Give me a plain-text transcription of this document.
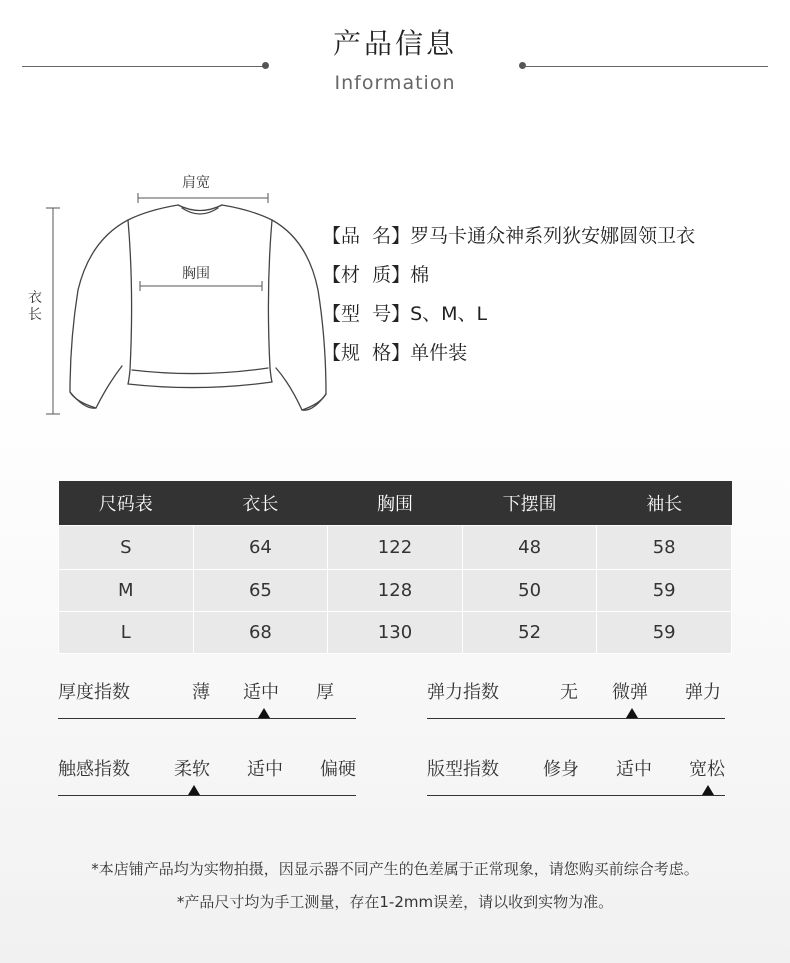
产品信息
Information
肩宽
胸围
衣长
【品  名】罗马卡通众神系列狄安娜圆领卫衣
【材  质】棉
【型  号】S、M、L
【规  格】单件装
尺码表	衣长	胸围	下摆围	袖长
S	64	122	48	58
M	65	128	50	59
L	68	130	52	59
厚度指数	薄 适中 厚	弹力指数	无 微弹 弹力
触感指数 柔软 适中 偏硬	版型指数 修身 适中 宽松
*本店铺产品均为实物拍摄，因显示器不同产生的色差属于正常现象，请您购买前综合考虑。
*产品尺寸均为手工测量，存在1-2mm误差，请以收到实物为准。
